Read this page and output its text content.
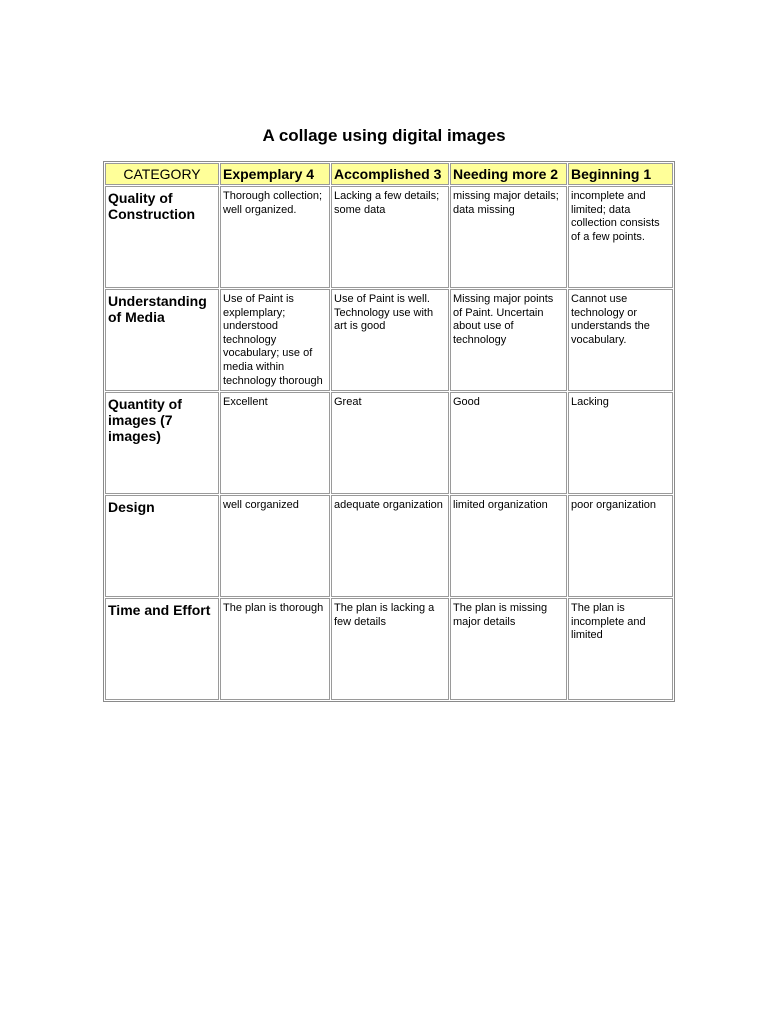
A collage using digital images
CATEGORY	Expemplary 4	Accomplished 3	Needing more 2	Beginning 1
Quality of Construction	Thorough collection; well organized.	Lacking a few details; some data	missing major details; data missing	incomplete and limited; data collection consists of a few points.
Understanding of Media	Use of Paint is explemplary; understood technology vocabulary; use of media within technology thorough	Use of Paint is well. Technology use with art is good	Missing major points of Paint. Uncertain about use of technology	Cannot use technology or understands the vocabulary.
Quantity of images (7 images)	Excellent	Great	Good	Lacking
Design	well corganized	adequate organization	limited organization	poor organization
Time and Effort	The plan is thorough	The plan is lacking a few details	The plan is missing major details	The plan is incomplete and limited
